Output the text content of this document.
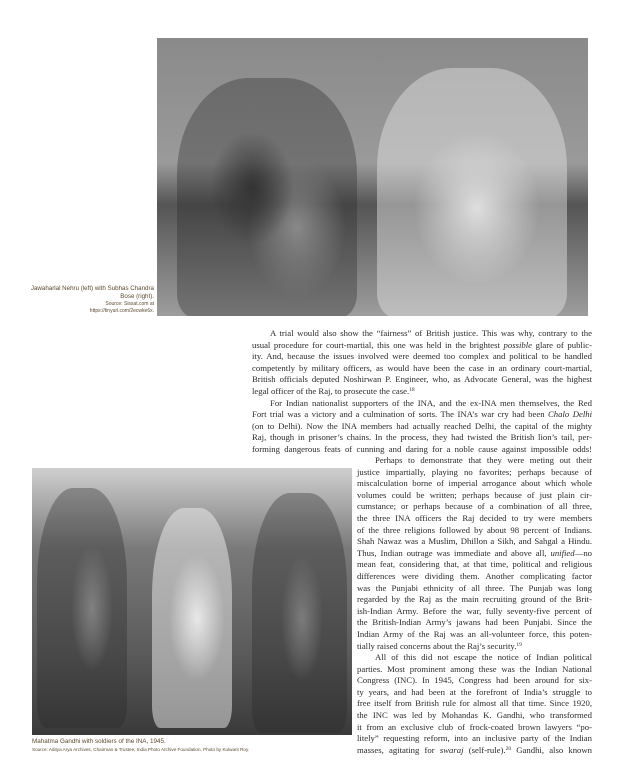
Jawaharlal Nehru (left) with Subhas Chandra Bose (right).
Source: Sissat.com at
https://tinyurl.com/2ecwke6x.
Mahatma Gandhi with soldiers of the INA, 1945.
Source: Aditya Arya Archives, Chairman & Trustee, India Photo Archive Foundation. Photo by Kulwant Roy.
A trial would also show the “fairness” of British justice. This was why, contrary to the
usual procedure for court-martial, this one was held in the brightest possible glare of public-
ity. And, because the issues involved were deemed too complex and political to be handled
competently by military officers, as would have been the case in an ordinary court-martial,
British officials deputed Noshirwan P. Engineer, who, as Advocate General, was the highest
legal officer of the Raj, to prosecute the case.$^{18}$
For Indian nationalist supporters of the INA, and the ex-INA men themselves, the Red
Fort trial was a victory and a culmination of sorts. The INA’s war cry had been Chalo Delhi
(on to Delhi). Now the INA members had actually reached Delhi, the capital of the mighty
Raj, though in prisoner’s chains. In the process, they had twisted the British lion’s tail, per-
forming dangerous feats of cunning and daring for a noble cause against impossible odds!
Perhaps to demonstrate that they were meting out their
justice impartially, playing no favorites; perhaps because of
miscalculation borne of imperial arrogance about which whole
volumes could be written; perhaps because of just plain cir-
cumstance; or perhaps because of a combination of all three,
the three INA officers the Raj decided to try were members
of the three religions followed by about 98 percent of Indians.
Shah Nawaz was a Muslim, Dhillon a Sikh, and Sahgal a Hindu.
Thus, Indian outrage was immediate and above all, unified—no
mean feat, considering that, at that time, political and religious
differences were dividing them. Another complicating factor
was the Punjabi ethnicity of all three. The Punjab was long
regarded by the Raj as the main recruiting ground of the Brit-
ish-Indian Army. Before the war, fully seventy-five percent of
the British-Indian Army’s jawans had been Punjabi. Since the
Indian Army of the Raj was an all-volunteer force, this poten-
tially raised concerns about the Raj’s security.$^{19}$
All of this did not escape the notice of Indian political
parties. Most prominent among these was the Indian National
Congress (INC). In 1945, Congress had been around for six-
ty years, and had been at the forefront of India’s struggle to
free itself from British rule for almost all that time. Since 1920,
the INC was led by Mohandas K. Gandhi, who transformed
it from an exclusive club of frock-coated brown lawyers “po-
litely” requesting reform, into an inclusive party of the Indian
masses, agitating for swaraj (self-rule).$^{20}$ Gandhi, also known
